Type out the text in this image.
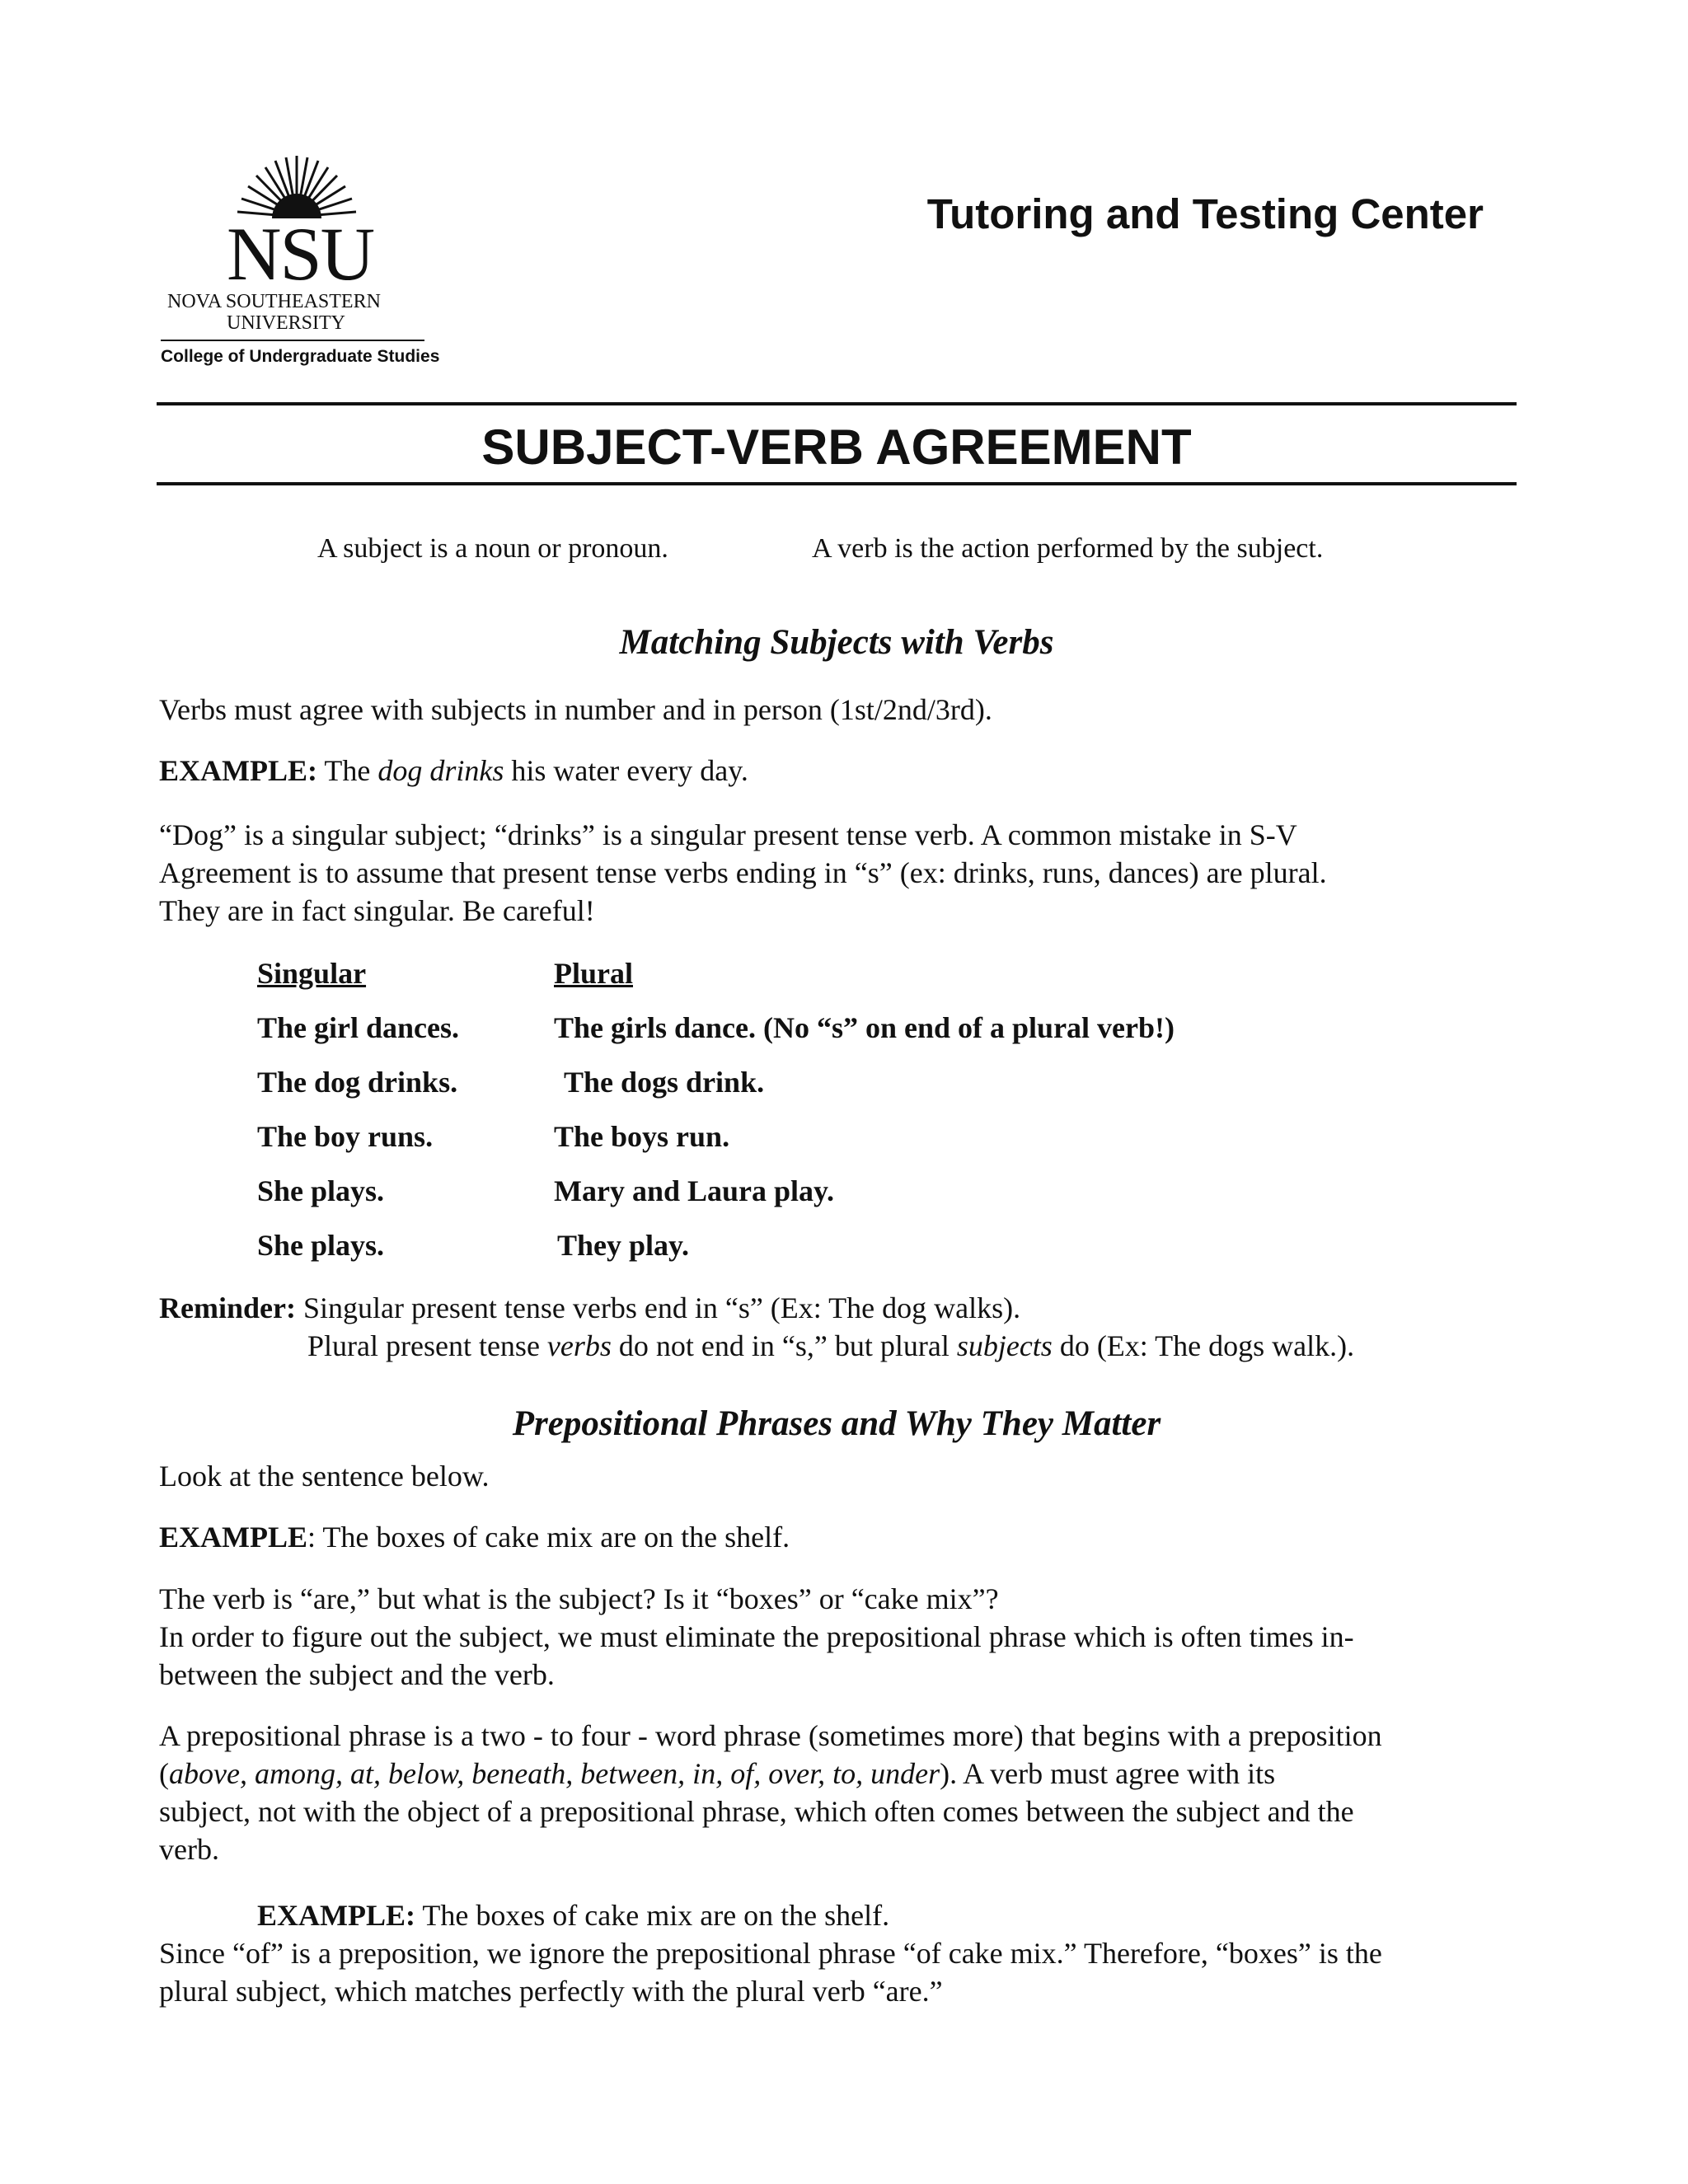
NSU
NOVA SOUTHEASTERN
UNIVERSITY
College of Undergraduate Studies
Tutoring and Testing Center
SUBJECT-VERB AGREEMENT
A subject is a noun or pronoun.	A verb is the action performed by the subject.
Matching Subjects with Verbs
Verbs must agree with subjects in number and in person (1st/2nd/3rd).
EXAMPLE: The dog drinks his water every day.
“Dog” is a singular subject; “drinks” is a singular present tense verb. A common mistake in S-V
Agreement is to assume that present tense verbs ending in “s” (ex: drinks, runs, dances) are plural.
They are in fact singular. Be careful!
Singular	Plural
The girl dances.	The girls dance. (No “s” on end of a plural verb!)
The dog drinks.	The dogs drink.
The boy runs.	The boys run.
She plays.	Mary and Laura play.
She plays.	They play.
Reminder: Singular present tense verbs end in “s” (Ex: The dog walks).
Plural present tense verbs do not end in “s,” but plural subjects do (Ex: The dogs walk.).
Prepositional Phrases and Why They Matter
Look at the sentence below.
EXAMPLE: The boxes of cake mix are on the shelf.
The verb is “are,” but what is the subject? Is it “boxes” or “cake mix”?
In order to figure out the subject, we must eliminate the prepositional phrase which is often times in-
between the subject and the verb.
A prepositional phrase is a two - to four - word phrase (sometimes more) that begins with a preposition
(above, among, at, below, beneath, between, in, of, over, to, under). A verb must agree with its
subject, not with the object of a prepositional phrase, which often comes between the subject and the
verb.
EXAMPLE: The boxes of cake mix are on the shelf.
Since “of” is a preposition, we ignore the prepositional phrase “of cake mix.” Therefore, “boxes” is the
plural subject, which matches perfectly with the plural verb “are.”
